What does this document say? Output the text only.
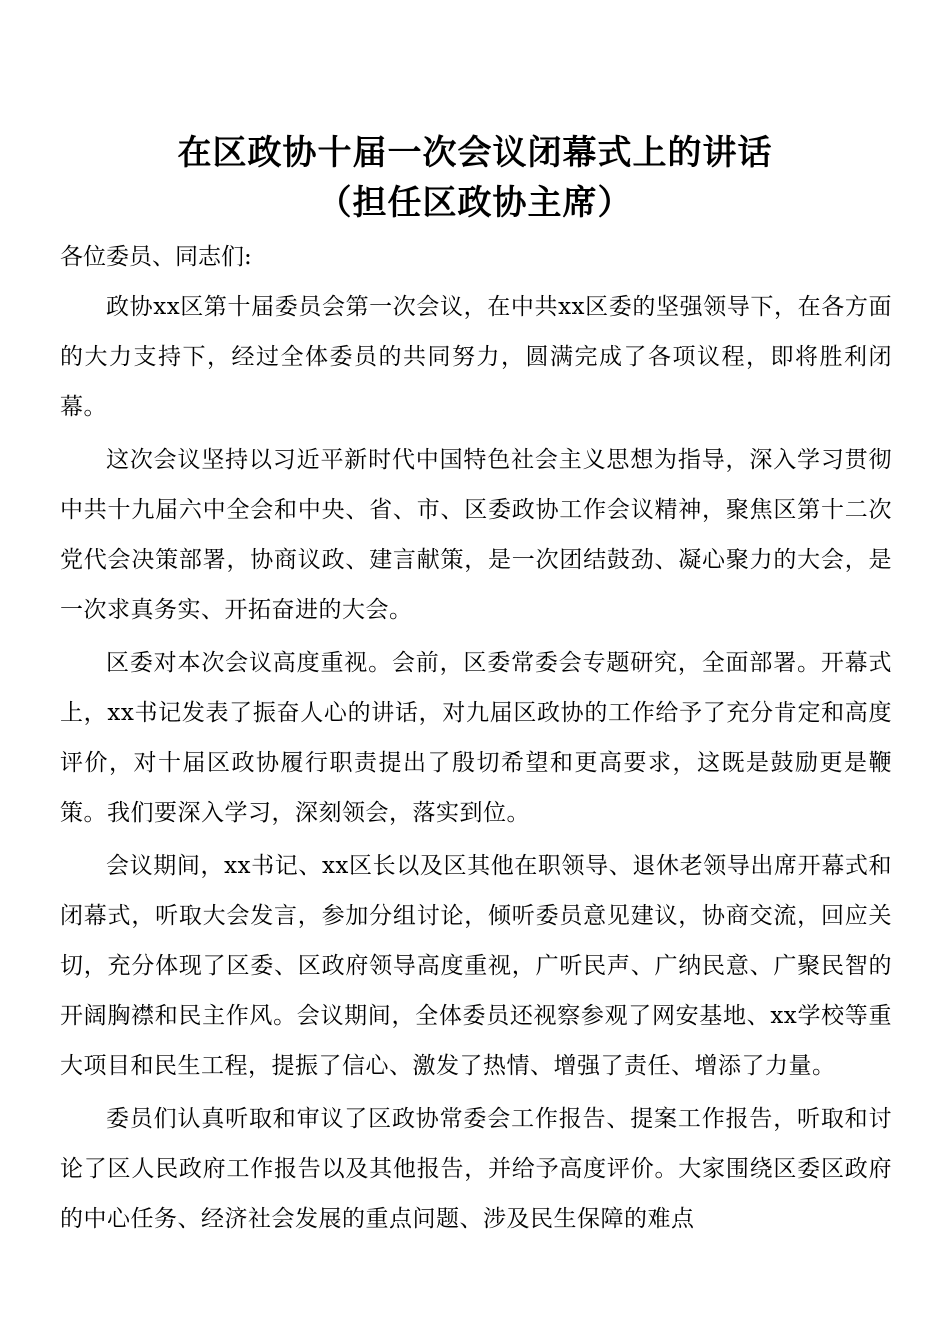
在区政协十届一次会议闭幕式上的讲话
（担任区政协主席）
各位委员、同志们:

政协xx区第十届委员会第一次会议，在中共xx区委的坚强领导下，在各方面的大力支持下，经过全体委员的共同努力，圆满完成了各项议程，即将胜利闭幕。

这次会议坚持以习近平新时代中国特色社会主义思想为指导，深入学习贯彻中共十九届六中全会和中央、省、市、区委政协工作会议精神，聚焦区第十二次党代会决策部署，协商议政、建言献策，是一次团结鼓劲、凝心聚力的大会，是一次求真务实、开拓奋进的大会。

区委对本次会议高度重视。会前，区委常委会专题研究，全面部署。开幕式上，xx书记发表了振奋人心的讲话，对九届区政协的工作给予了充分肯定和高度评价，对十届区政协履行职责提出了殷切希望和更高要求，这既是鼓励更是鞭策。我们要深入学习，深刻领会，落实到位。

会议期间，xx书记、xx区长以及区其他在职领导、退休老领导出席开幕式和闭幕式，听取大会发言，参加分组讨论，倾听委员意见建议，协商交流，回应关切，充分体现了区委、区政府领导高度重视，广听民声、广纳民意、广聚民智的开阔胸襟和民主作风。会议期间，全体委员还视察参观了网安基地、xx学校等重大项目和民生工程，提振了信心、激发了热情、增强了责任、增添了力量。

委员们认真听取和审议了区政协常委会工作报告、提案工作报告，听取和讨论了区人民政府工作报告以及其他报告，并给予高度评价。大家围绕区委区政府的中心任务、经济社会发展的重点问题、涉及民生保障的难点
